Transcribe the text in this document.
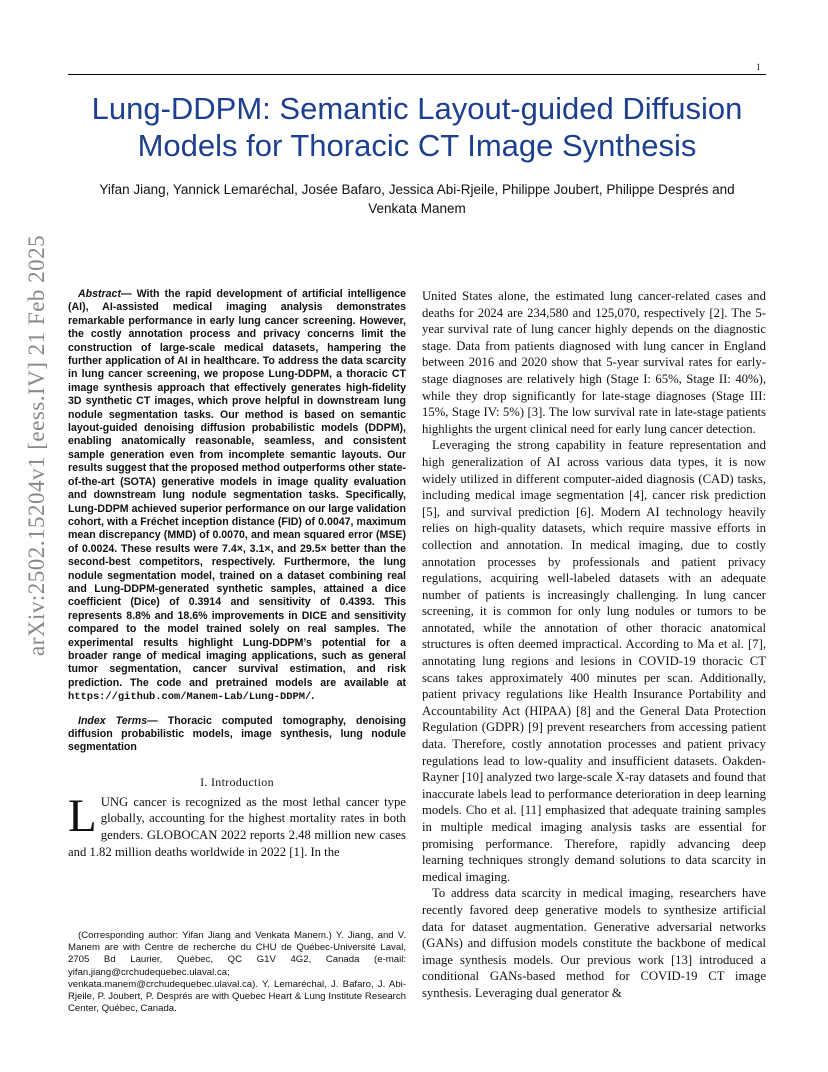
1
Lung-DDPM: Semantic Layout-guided Diffusion
Models for Thoracic CT Image Synthesis
Yifan Jiang, Yannick Lemaréchal, Josée Bafaro, Jessica Abi-Rjeile, Philippe Joubert, Philippe Després and
Venkata Manem
arXiv:2502.15204v1 [eess.IV] 21 Feb 2025	Abstract— With the rapid development of artificial intelligence (AI), AI-assisted medical imaging analysis demonstrates remarkable performance in early lung cancer screening. However, the costly annotation process and privacy concerns limit the construction of large-scale medical datasets, hampering the further application of AI in healthcare. To address the data scarcity in lung cancer screening, we propose Lung-DDPM, a thoracic CT image synthesis approach that effectively generates high-fidelity 3D synthetic CT images, which prove helpful in downstream lung nodule segmentation tasks. Our method is based on semantic layout-guided denoising diffusion probabilistic models (DDPM), enabling anatomically reasonable, seamless, and consistent sample generation even from incomplete semantic layouts. Our results suggest that the proposed method outperforms other state-of-the-art (SOTA) generative models in image quality evaluation and downstream lung nodule segmentation tasks. Specifically, Lung-DDPM achieved superior performance on our large validation cohort, with a Fréchet inception distance (FID) of 0.0047, maximum mean discrepancy (MMD) of 0.0070, and mean squared error (MSE) of 0.0024. These results were 7.4×, 3.1×, and 29.5× better than the second-best competitors, respectively. Furthermore, the lung nodule segmentation model, trained on a dataset combining real and Lung-DDPM-generated synthetic samples, attained a dice coefficient (Dice) of 0.3914 and sensitivity of 0.4393. This represents 8.8% and 18.6% improvements in DICE and sensitivity compared to the model trained solely on real samples. The experimental results highlight Lung-DDPM’s potential for a broader range of medical imaging applications, such as general tumor segmentation, cancer survival estimation, and risk prediction. The code and pretrained models are available at https://github.com/Manem-Lab/Lung-DDPM/.

Index Terms— Thoracic computed tomography, denoising diffusion probabilistic models, image synthesis, lung nodule segmentation

I. Introduction

LUNG cancer is recognized as the most lethal cancer type globally, accounting for the highest mortality rates in both genders. GLOBOCAN 2022 reports 2.48 million new cases and 1.82 million deaths worldwide in 2022 [1]. In the

(Corresponding author: Yifan Jiang and Venkata Manem.) Y. Jiang, and V. Manem are with Centre de recherche du CHU de Québec-Université Laval, 2705 Bd Laurier, Québec, QC G1V 4G2, Canada (e-mail: yifan.jiang@crchudequebec.ulaval.ca; venkata.manem@crchudequebec.ulaval.ca). Y. Lemaréchal, J. Bafaro, J. Abi-Rjeile, P. Joubert, P. Després are with Quebec Heart & Lung Institute Research Center, Québec, Canada.

United States alone, the estimated lung cancer-related cases and deaths for 2024 are 234,580 and 125,070, respectively [2]. The 5-year survival rate of lung cancer highly depends on the diagnostic stage. Data from patients diagnosed with lung cancer in England between 2016 and 2020 show that 5-year survival rates for early-stage diagnoses are relatively high (Stage I: 65%, Stage II: 40%), while they drop significantly for late-stage diagnoses (Stage III: 15%, Stage IV: 5%) [3]. The low survival rate in late-stage patients highlights the urgent clinical need for early lung cancer detection.

Leveraging the strong capability in feature representation and high generalization of AI across various data types, it is now widely utilized in different computer-aided diagnosis (CAD) tasks, including medical image segmentation [4], cancer risk prediction [5], and survival prediction [6]. Modern AI technology heavily relies on high-quality datasets, which require massive efforts in collection and annotation. In medical imaging, due to costly annotation processes by professionals and patient privacy regulations, acquiring well-labeled datasets with an adequate number of patients is increasingly challenging. In lung cancer screening, it is common for only lung nodules or tumors to be annotated, while the annotation of other thoracic anatomical structures is often deemed impractical. According to Ma et al. [7], annotating lung regions and lesions in COVID-19 thoracic CT scans takes approximately 400 minutes per scan. Additionally, patient privacy regulations like Health Insurance Portability and Accountability Act (HIPAA) [8] and the General Data Protection Regulation (GDPR) [9] prevent researchers from accessing patient data. Therefore, costly annotation processes and patient privacy regulations lead to low-quality and insufficient datasets. Oakden-Rayner [10] analyzed two large-scale X-ray datasets and found that inaccurate labels lead to performance deterioration in deep learning models. Cho et al. [11] emphasized that adequate training samples in multiple medical imaging analysis tasks are essential for promising performance. Therefore, rapidly advancing deep learning techniques strongly demand solutions to data scarcity in medical imaging.

To address data scarcity in medical imaging, researchers have recently favored deep generative models to synthesize artificial data for dataset augmentation. Generative adversarial networks (GANs) and diffusion models constitute the backbone of medical image synthesis models. Our previous work [13] introduced a conditional GANs-based method for COVID-19 CT image synthesis. Leveraging dual generator &
